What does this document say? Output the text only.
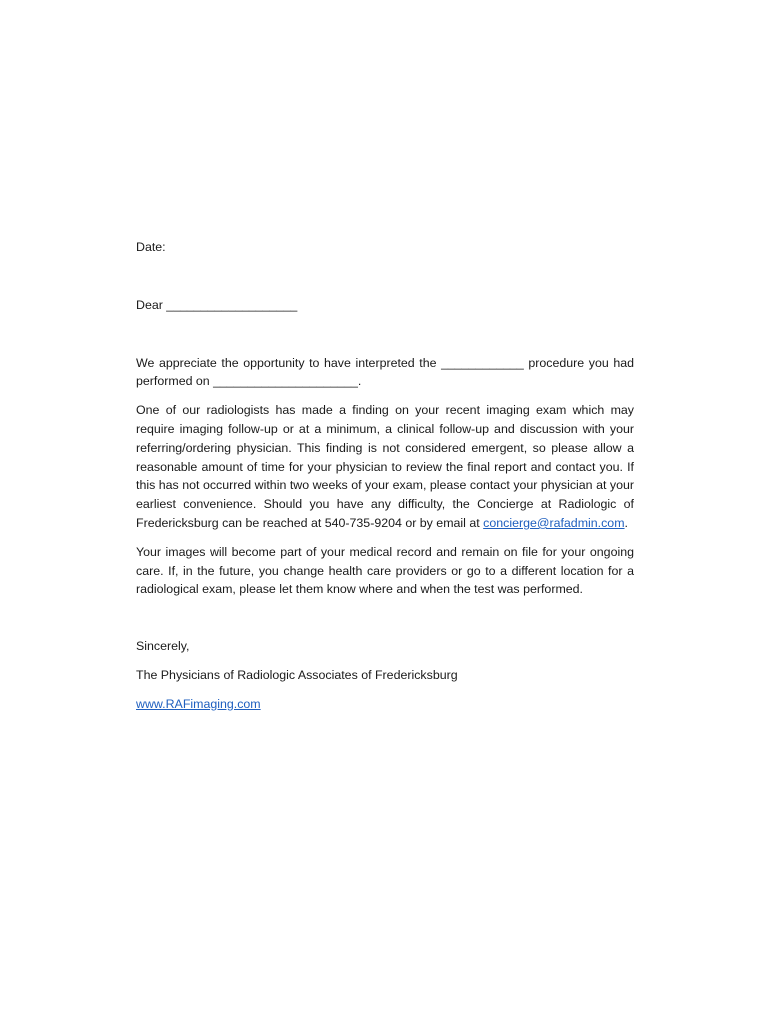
Date:

Dear ___________________

We appreciate the opportunity to have interpreted the ____________ procedure you had performed on _____________________.

One of our radiologists has made a finding on your recent imaging exam which may require imaging follow-up or at a minimum, a clinical follow-up and discussion with your referring/ordering physician. This finding is not considered emergent, so please allow a reasonable amount of time for your physician to review the final report and contact you. If this has not occurred within two weeks of your exam, please contact your physician at your earliest convenience. Should you have any difficulty, the Concierge at Radiologic of Fredericksburg can be reached at 540-735-9204 or by email at concierge@rafadmin.com.

Your images will become part of your medical record and remain on file for your ongoing care. If, in the future, you change health care providers or go to a different location for a radiological exam, please let them know where and when the test was performed.

Sincerely,

The Physicians of Radiologic Associates of Fredericksburg

www.RAFimaging.com
